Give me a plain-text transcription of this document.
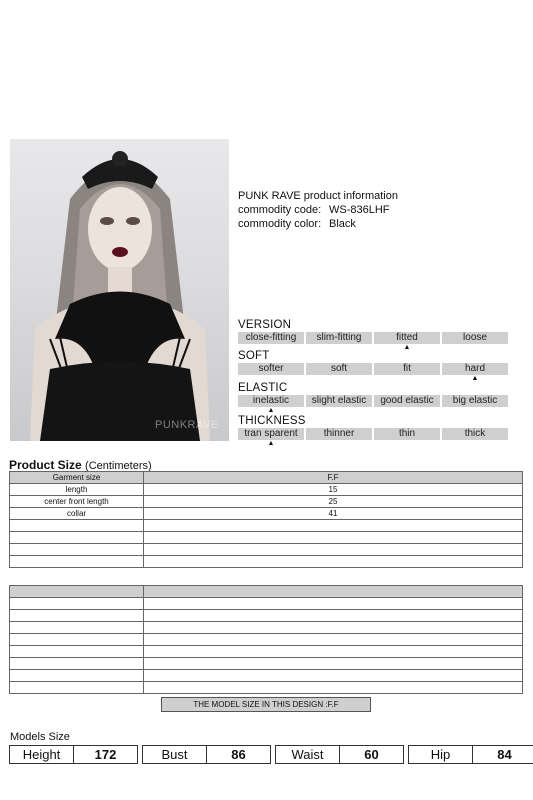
PUNKRAVE
PUNK RAVE product information
commodity code: WS-836LHF
commodity color: Black
VERSION
close-fitting	slim-fitting	fitted	loose
▲
SOFT
softer	soft	fit	hard
▲
ELASTIC
inelastic	slight elastic	good elastic	big elastic
▲
THICKNESS
tran sparent	thinner	thin	thick
▲
Product Size (Centimeters)
Garment size	F.F
length	15
center front length	25
collar	41

THE MODEL SIZE IN THIS DESIGN :F.F
Models Size
Height	172	Bust	86	Waist	60	Hip	84
